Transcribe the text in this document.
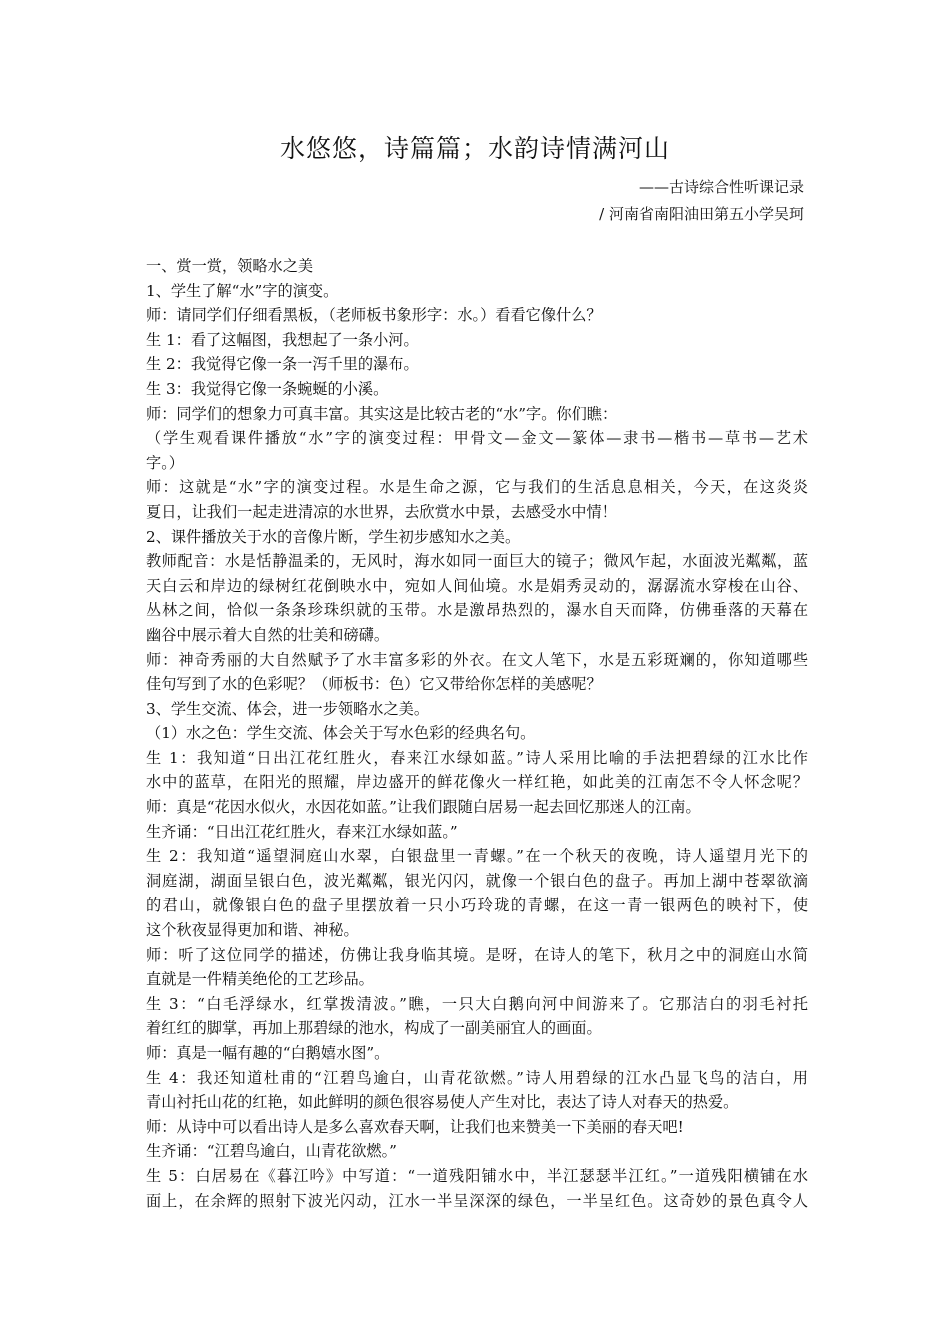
水悠悠，诗篇篇；水韵诗情满河山
——古诗综合性听课记录
/ 河南省南阳油田第五小学吴珂
一、赏一赏，领略水之美
1、学生了解“水”字的演变。
师：请同学们仔细看黑板，（老师板书象形字：水。）看看它像什么？
生 1：看了这幅图，我想起了一条小河。
生 2：我觉得它像一条一泻千里的瀑布。
生 3：我觉得它像一条蜿蜒的小溪。
师：同学们的想象力可真丰富。其实这是比较古老的“水”字。你们瞧：
（学生观看课件播放“水”字的演变过程：甲骨文—金文—篆体—隶书—楷书—草书—艺术
字。）
师：这就是“水”字的演变过程。水是生命之源，它与我们的生活息息相关，今天，在这炎炎
夏日，让我们一起走进清凉的水世界，去欣赏水中景，去感受水中情！
2、课件播放关于水的音像片断，学生初步感知水之美。
教师配音：水是恬静温柔的，无风时，海水如同一面巨大的镜子；微风乍起，水面波光粼粼，蓝
天白云和岸边的绿树红花倒映水中，宛如人间仙境。水是娟秀灵动的，潺潺流水穿梭在山谷、
丛林之间，恰似一条条珍珠织就的玉带。水是激昂热烈的，瀑水自天而降，仿佛垂落的天幕在
幽谷中展示着大自然的壮美和磅礴。
师：神奇秀丽的大自然赋予了水丰富多彩的外衣。在文人笔下，水是五彩斑斓的，你知道哪些
佳句写到了水的色彩呢？（师板书：色）它又带给你怎样的美感呢？
3、学生交流、体会，进一步领略水之美。
（1）水之色：学生交流、体会关于写水色彩的经典名句。
生 1：我知道“日出江花红胜火，春来江水绿如蓝。”诗人采用比喻的手法把碧绿的江水比作
水中的蓝草，在阳光的照耀，岸边盛开的鲜花像火一样红艳，如此美的江南怎不令人怀念呢？
师：真是“花因水似火，水因花如蓝。”让我们跟随白居易一起去回忆那迷人的江南。
生齐诵：“日出江花红胜火，春来江水绿如蓝。”
生 2：我知道“遥望洞庭山水翠，白银盘里一青螺。”在一个秋天的夜晚，诗人遥望月光下的
洞庭湖，湖面呈银白色，波光粼粼，银光闪闪，就像一个银白色的盘子。再加上湖中苍翠欲滴
的君山，就像银白色的盘子里摆放着一只小巧玲珑的青螺，在这一青一银两色的映衬下，使
这个秋夜显得更加和谐、神秘。
师：听了这位同学的描述，仿佛让我身临其境。是呀，在诗人的笔下，秋月之中的洞庭山水简
直就是一件精美绝伦的工艺珍品。
生 3：“白毛浮绿水，红掌拨清波。”瞧，一只大白鹅向河中间游来了。它那洁白的羽毛衬托
着红红的脚掌，再加上那碧绿的池水，构成了一副美丽宜人的画面。
师：真是一幅有趣的“白鹅嬉水图”。
生 4：我还知道杜甫的“江碧鸟逾白，山青花欲燃。”诗人用碧绿的江水凸显飞鸟的洁白，用
青山衬托山花的红艳，如此鲜明的颜色很容易使人产生对比，表达了诗人对春天的热爱。
师：从诗中可以看出诗人是多么喜欢春天啊，让我们也来赞美一下美丽的春天吧!
生齐诵：“江碧鸟逾白，山青花欲燃。”
生 5：白居易在《暮江吟》中写道：“一道残阳铺水中，半江瑟瑟半江红。”一道残阳横铺在水
面上，在余辉的照射下波光闪动，江水一半呈深深的绿色，一半呈红色。这奇妙的景色真令人
